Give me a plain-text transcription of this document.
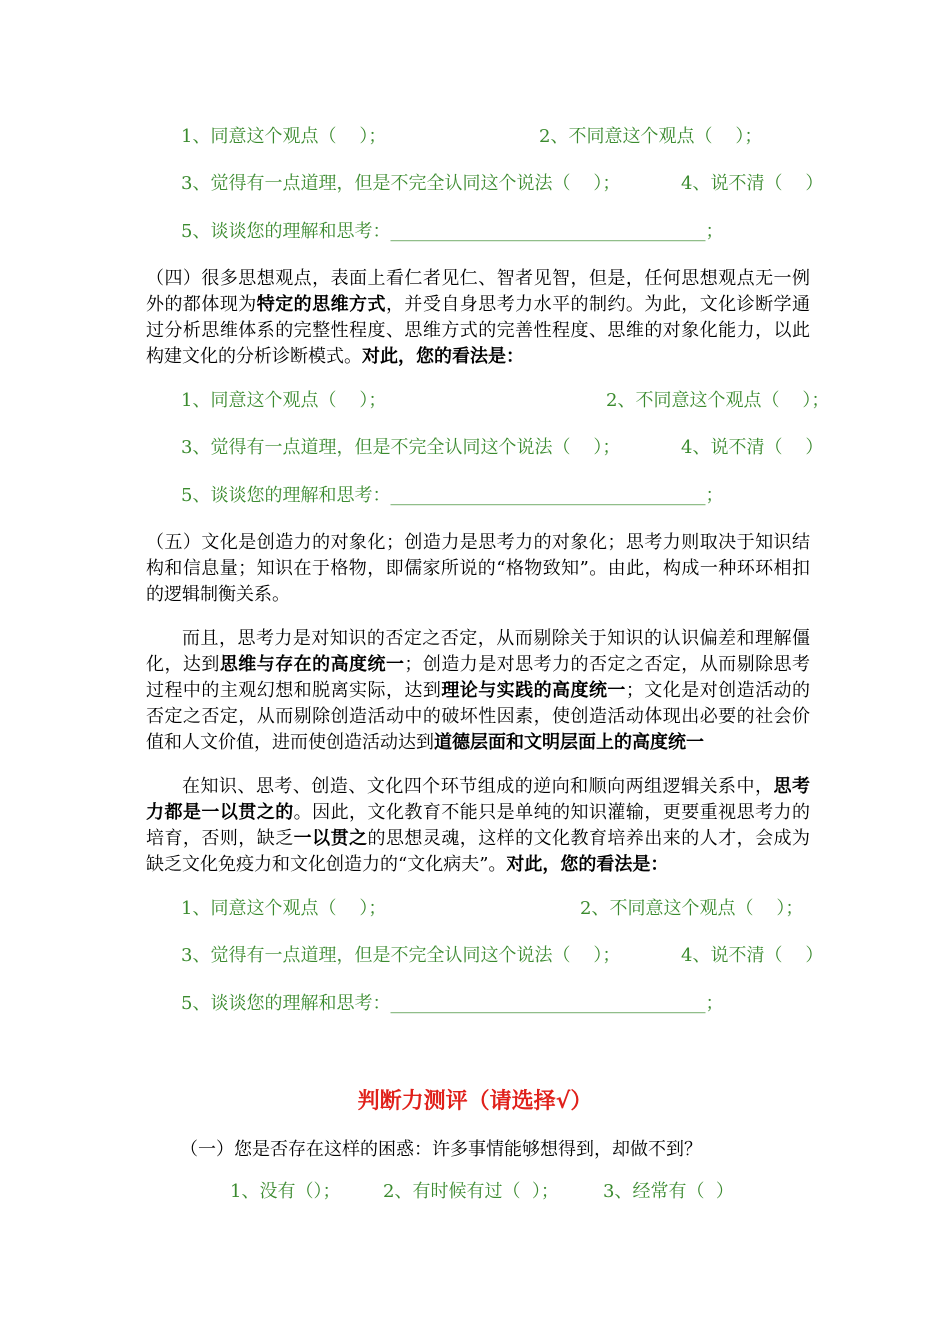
1、同意这个观点（    ）；	2、不同意这个观点（    ）；
3、觉得有一点道理，但是不完全认同这个说法（    ）；	4、说不清（    ）
5、谈谈您的理解和思考：___________________________________；
（四）很多思想观点，表面上看仁者见仁、智者见智，但是，任何思想观点无一例外的都体现为特定的思维方式，并受自身思考力水平的制约。为此，文化诊断学通过分析思维体系的完整性程度、思维方式的完善性程度、思维的对象化能力，以此构建文化的分析诊断模式。对此，您的看法是：
1、同意这个观点（    ）；	2、不同意这个观点（    ）；
3、觉得有一点道理，但是不完全认同这个说法（    ）；	4、说不清（    ）
5、谈谈您的理解和思考：___________________________________；
（五）文化是创造力的对象化；创造力是思考力的对象化；思考力则取决于知识结构和信息量；知识在于格物，即儒家所说的“格物致知”。由此，构成一种环环相扣的逻辑制衡关系。
而且，思考力是对知识的否定之否定，从而剔除关于知识的认识偏差和理解僵化，达到思维与存在的高度统一；创造力是对思考力的否定之否定，从而剔除思考过程中的主观幻想和脱离实际，达到理论与实践的高度统一；文化是对创造活动的否定之否定，从而剔除创造活动中的破坏性因素，使创造活动体现出必要的社会价值和人文价值，进而使创造活动达到道德层面和文明层面上的高度统一
在知识、思考、创造、文化四个环节组成的逆向和顺向两组逻辑关系中，思考力都是一以贯之的。因此，文化教育不能只是单纯的知识灌输，更要重视思考力的培育，否则，缺乏一以贯之的思想灵魂，这样的文化教育培养出来的人才，会成为缺乏文化免疫力和文化创造力的“文化病夫”。对此，您的看法是：
1、同意这个观点（    ）；	2、不同意这个观点（    ）；
3、觉得有一点道理，但是不完全认同这个说法（    ）；	4、说不清（    ）
5、谈谈您的理解和思考：___________________________________；
判断力测评（请选择√）
（一）您是否存在这样的困惑：许多事情能够想得到，却做不到？
1、没有（）； 2、有时候有过（  ）； 3、经常有（  ）
